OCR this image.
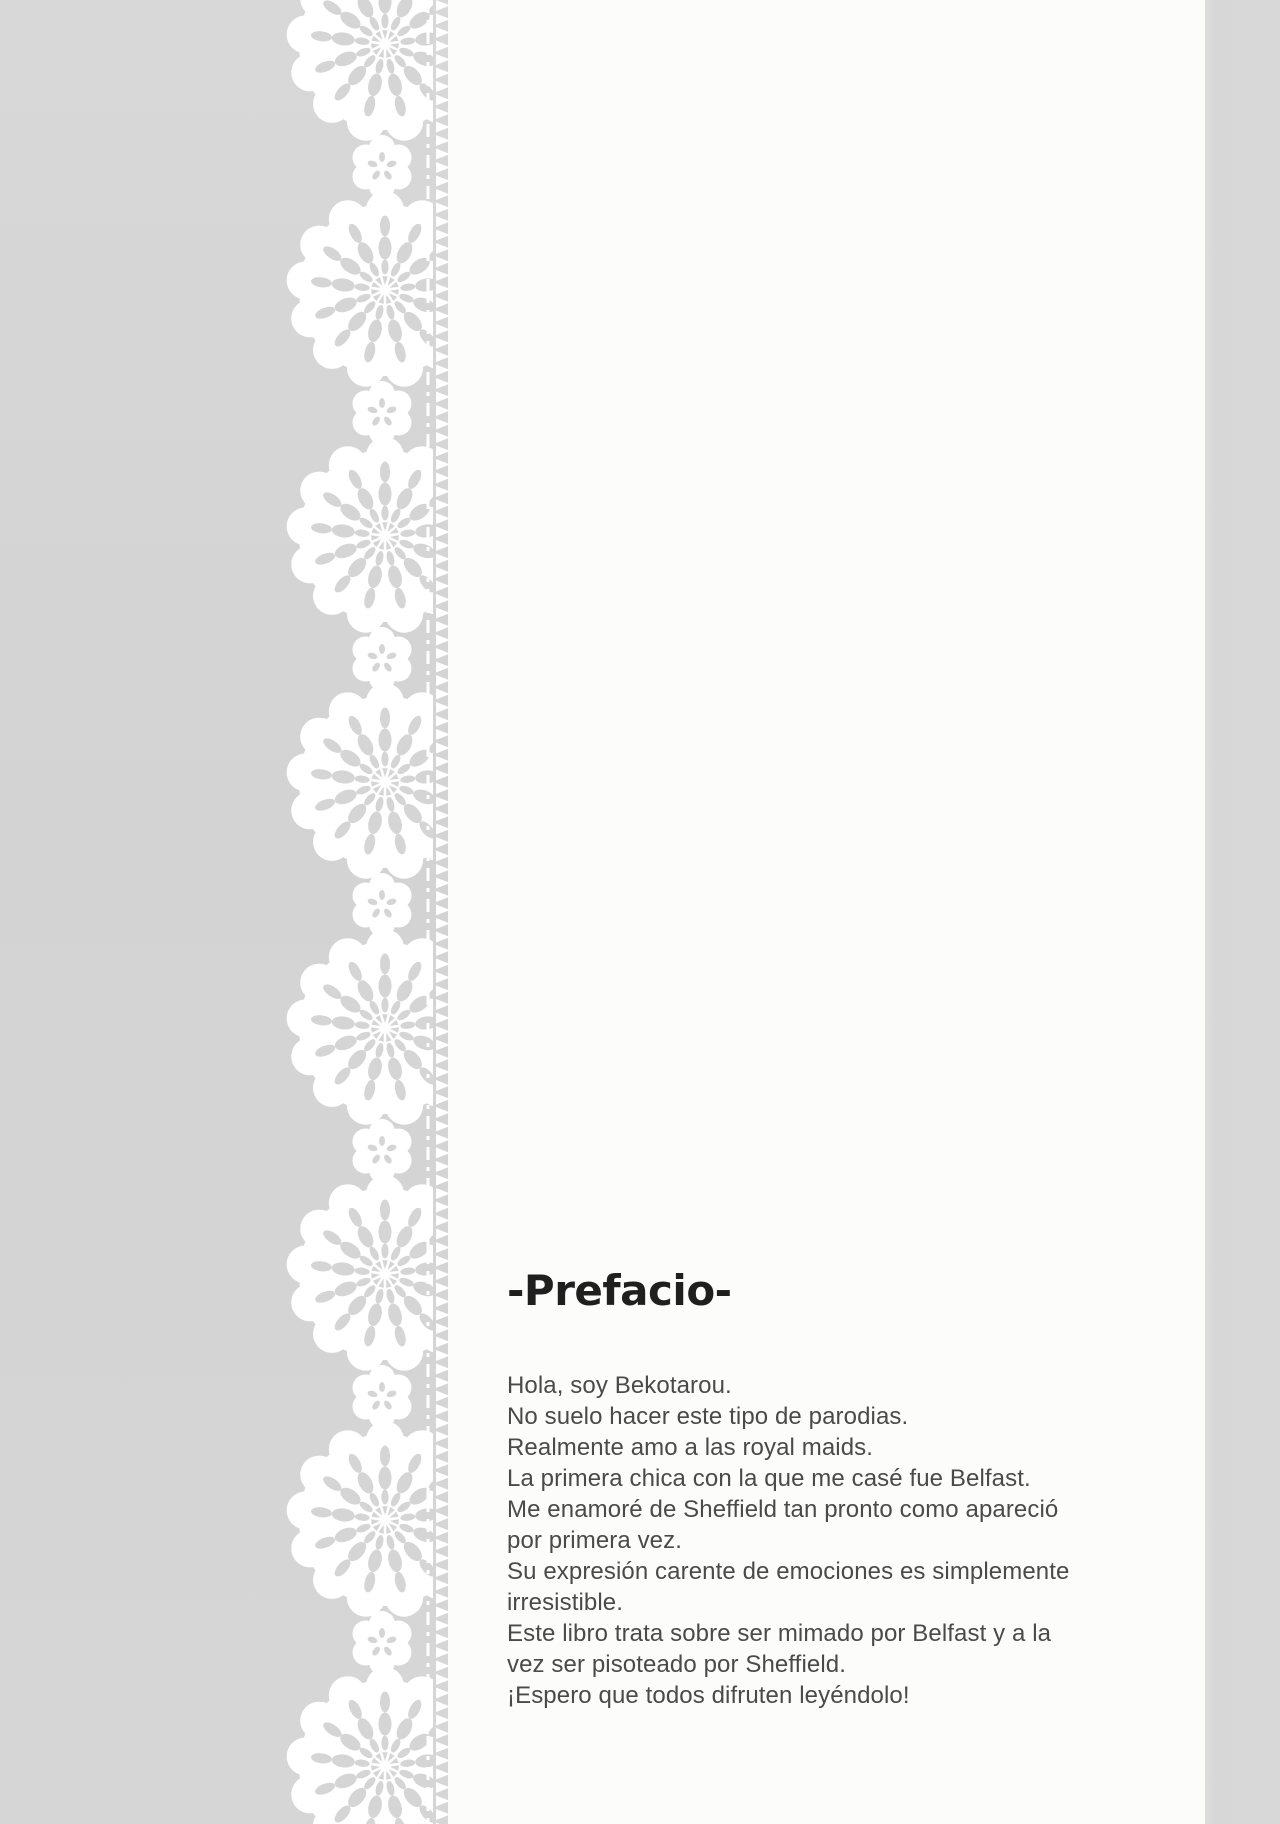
-Prefacio-

Hola, soy Bekotarou.

No suelo hacer este tipo de parodias.

Realmente amo a las royal maids.

La primera chica con la que me casé fue Belfast.

Me enamoré de Sheffield tan pronto como apareció

por primera vez.

Su expresión carente de emociones es simplemente

irresistible.

Este libro trata sobre ser mimado por Belfast y a la

vez ser pisoteado por Sheffield.

¡Espero que todos difruten leyéndolo!
